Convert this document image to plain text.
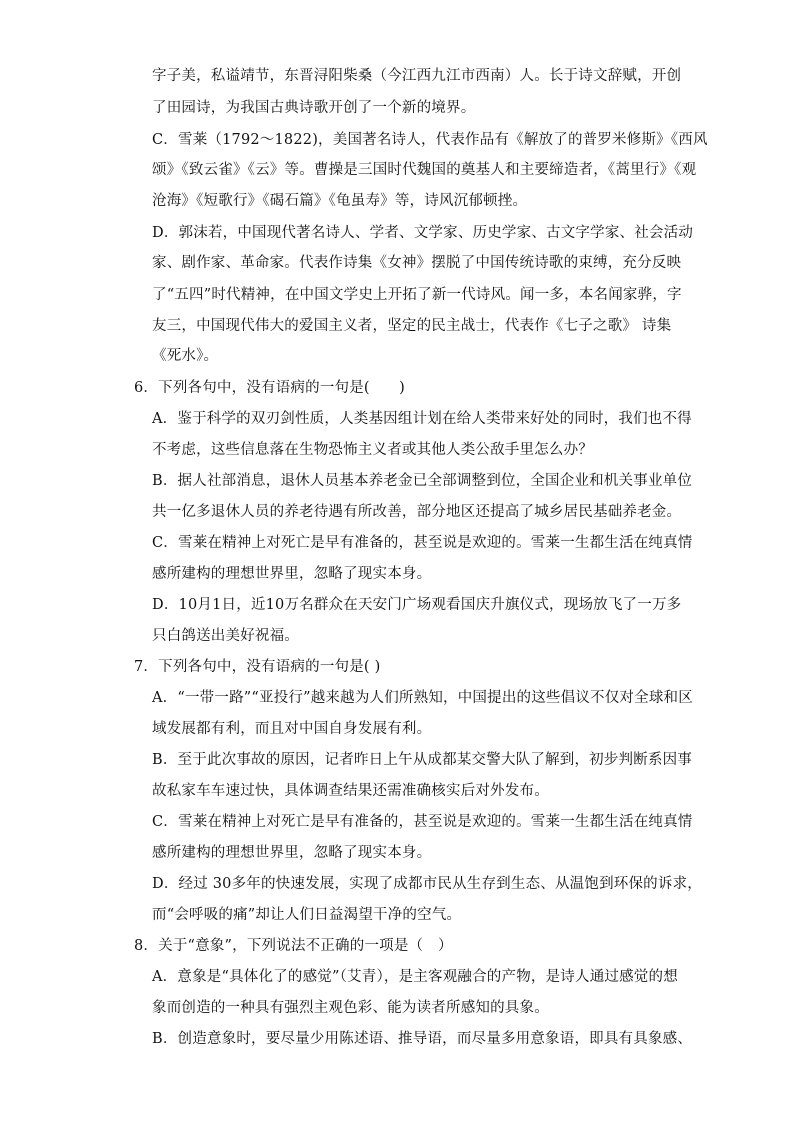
字子美，私谥靖节，东晋浔阳柴桑（今江西九江市西南）人。长于诗文辞赋，开创
了田园诗，为我国古典诗歌开创了一个新的境界。
C．雪莱（1792～1822)，美国著名诗人，代表作品有《解放了的普罗米修斯》《西风
颂》《致云雀》《云》等。曹操是三国时代魏国的奠基人和主要缔造者，《蒿里行》《观
沧海》《短歌行》《碣石篇》《龟虽寿》等，诗风沉郁顿挫。
D．郭沫若，中国现代著名诗人、学者、文学家、历史学家、古文字学家、社会活动
家、剧作家、革命家。代表作诗集《女神》摆脱了中国传统诗歌的束缚，充分反映
了“五四”时代精神，在中国文学史上开拓了新一代诗风。闻一多，本名闻家骅，字
友三，中国现代伟大的爱国主义者，坚定的民主战士，代表作《七子之歌》 诗集
《死水》。
6．下列各句中，没有语病的一句是(　　)
A．鉴于科学的双刃剑性质，人类基因组计划在给人类带来好处的同时，我们也不得
不考虑，这些信息落在生物恐怖主义者或其他人类公敌手里怎么办？
B．据人社部消息，退休人员基本养老金已全部调整到位，全国企业和机关事业单位
共一亿多退休人员的养老待遇有所改善，部分地区还提高了城乡居民基础养老金。
C．雪莱在精神上对死亡是早有准备的，甚至说是欢迎的。雪莱一生都生活在纯真情
感所建构的理想世界里，忽略了现实本身。
D．10月1日，近10万名群众在天安门广场观看国庆升旗仪式，现场放飞了一万多
只白鸽送出美好祝福。
7．下列各句中，没有语病的一句是( )
A．“一带一路”“亚投行”越来越为人们所熟知，中国提出的这些倡议不仅对全球和区
域发展都有利，而且对中国自身发展有利。
B．至于此次事故的原因，记者昨日上午从成都某交警大队了解到，初步判断系因事
故私家车车速过快，具体调查结果还需准确核实后对外发布。
C．雪莱在精神上对死亡是早有准备的，甚至说是欢迎的。雪莱一生都生活在纯真情
感所建构的理想世界里，忽略了现实本身。
D．经过 30多年的快速发展，实现了成都市民从生存到生态、从温饱到环保的诉求，
而“会呼吸的痛”却让人们日益渴望干净的空气。
8．关于“意象”，下列说法不正确的一项是（　）
A．意象是“具体化了的感觉”（艾青），是主客观融合的产物，是诗人通过感觉的想
象而创造的一种具有强烈主观色彩、能为读者所感知的具象。
B．创造意象时，要尽量少用陈述语、推导语，而尽量多用意象语，即具有具象感、
